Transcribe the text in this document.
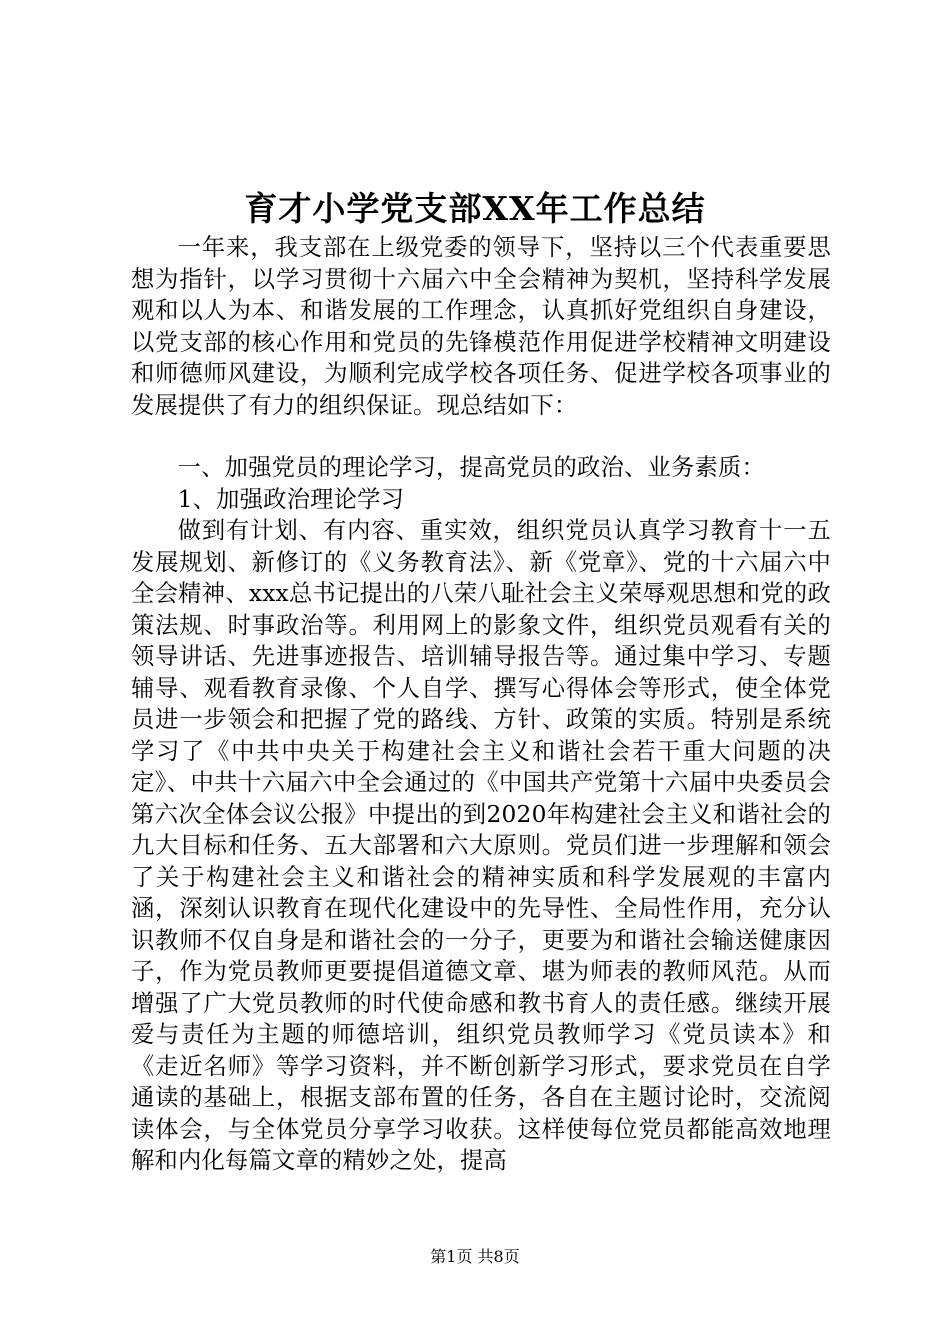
育才小学党支部XX年工作总结

一年来，我支部在上级党委的领导下，坚持以三个代表重要思想为指针，以学习贯彻十六届六中全会精神为契机，坚持科学发展观和以人为本、和谐发展的工作理念，认真抓好党组织自身建设，以党支部的核心作用和党员的先锋模范作用促进学校精神文明建设和师德师风建设，为顺利完成学校各项任务、促进学校各项事业的发展提供了有力的组织保证。现总结如下：

一、加强党员的理论学习，提高党员的政治、业务素质：

1、加强政治理论学习

做到有计划、有内容、重实效，组织党员认真学习教育十一五发展规划、新修订的《义务教育法》、新《党章》、党的十六届六中全会精神、xxx总书记提出的八荣八耻社会主义荣辱观思想和党的政策法规、时事政治等。利用网上的影象文件，组织党员观看有关的领导讲话、先进事迹报告、培训辅导报告等。通过集中学习、专题辅导、观看教育录像、个人自学、撰写心得体会等形式，使全体党员进一步领会和把握了党的路线、方针、政策的实质。特别是系统学习了《中共中央关于构建社会主义和谐社会若干重大问题的决定》、中共十六届六中全会通过的《中国共产党第十六届中央委员会第六次全体会议公报》中提出的到2020年构建社会主义和谐社会的九大目标和任务、五大部署和六大原则。党员们进一步理解和领会了关于构建社会主义和谐社会的精神实质和科学发展观的丰富内涵，深刻认识教育在现代化建设中的先导性、全局性作用，充分认识教师不仅自身是和谐社会的一分子，更要为和谐社会输送健康因子，作为党员教师更要提倡道德文章、堪为师表的教师风范。从而增强了广大党员教师的时代使命感和教书育人的责任感。继续开展爱与责任为主题的师德培训，组织党员教师学习《党员读本》和《走近名师》等学习资料，并不断创新学习形式，要求党员在自学通读的基础上，根据支部布置的任务，各自在主题讨论时，交流阅读体会，与全体党员分享学习收获。这样使每位党员都能高效地理解和内化每篇文章的精妙之处，提高

第1页 共8页
